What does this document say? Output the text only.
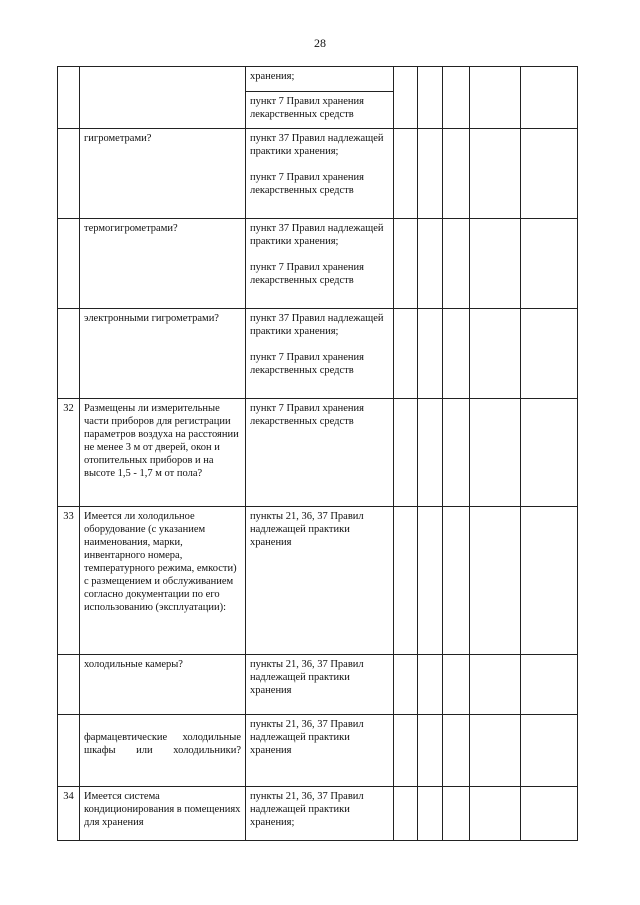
28

		хранения;
пункт 7 Правил хранения лекарственных средств					

	гигрометрами?	пункт 37 Правил надлежащей практики хранения;
пункт 7 Правил хранения лекарственных средств					

	термогигрометрами?	пункт 37 Правил надлежащей практики хранения;
пункт 7 Правил хранения лекарственных средств					

	электронными гигрометрами?	пункт 37 Правил надлежащей практики хранения;
пункт 7 Правил хранения лекарственных средств					

32	Размещены ли измерительные части приборов для регистрации параметров воздуха на расстоянии не менее 3 м от дверей, окон и отопительных приборов и на высоте 1,5 - 1,7 м от пола?	пункт 7 Правил хранения лекарственных средств					

33	Имеется ли холодильное оборудование (с указанием наименования, марки, инвентарного номера, температурного режима, емкости) с размещением и обслуживанием согласно документации по его использованию (эксплуатации):	пункты 21, 36, 37 Правил надлежащей практики хранения					

	холодильные камеры?	пункты 21, 36, 37 Правил надлежащей практики хранения					

	фармацевтические холодильные шкафы или холодильники?	пункты 21, 36, 37 Правил надлежащей практики хранения					

34	Имеется система кондиционирования в помещениях для хранения	пункты 21, 36, 37 Правил надлежащей практики хранения;					
